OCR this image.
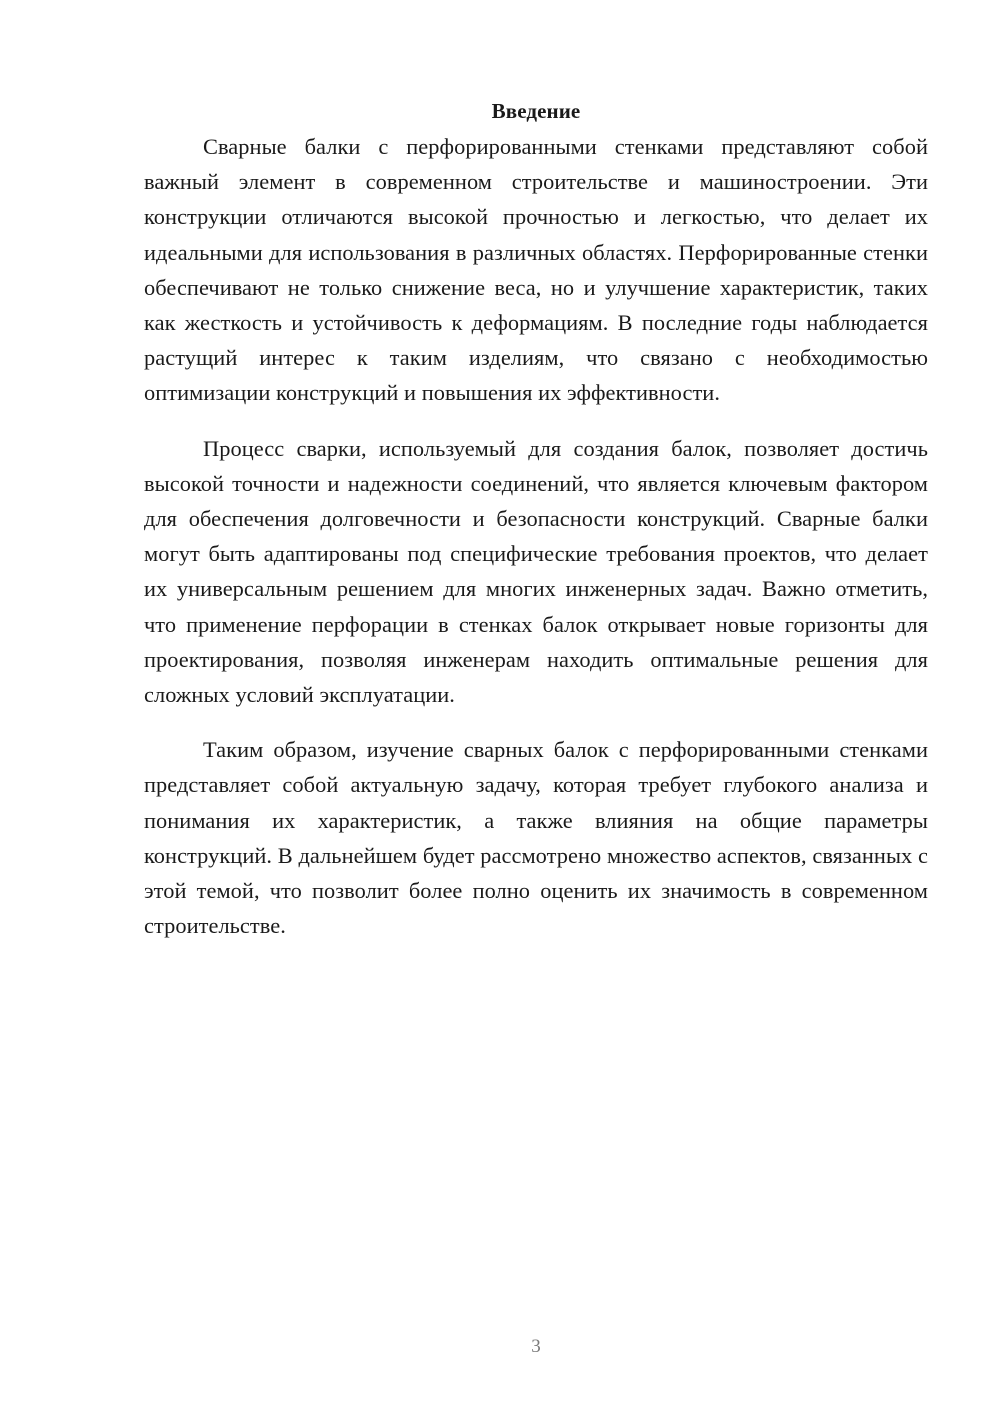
Введение

Сварные балки с перфорированными стенками представляют собой важный элемент в современном строительстве и машиностроении. Эти конструкции отличаются высокой прочностью и легкостью, что делает их идеальными для использования в различных областях. Перфорированные стенки обеспечивают не только снижение веса, но и улучшение характеристик, таких как жесткость и устойчивость к деформациям. В последние годы наблюдается растущий интерес к таким изделиям, что связано с необходимостью оптимизации конструкций и повышения их эффективности.

Процесс сварки, используемый для создания балок, позволяет достичь высокой точности и надежности соединений, что является ключевым фактором для обеспечения долговечности и безопасности конструкций. Сварные балки могут быть адаптированы под специфические требования проектов, что делает их универсальным решением для многих инженерных задач. Важно отметить, что применение перфорации в стенках балок открывает новые горизонты для проектирования, позволяя инженерам находить оптимальные решения для сложных условий эксплуатации.

Таким образом, изучение сварных балок с перфорированными стенками представляет собой актуальную задачу, которая требует глубокого анализа и понимания их характеристик, а также влияния на общие параметры конструкций. В дальнейшем будет рассмотрено множество аспектов, связанных с этой темой, что позволит более полно оценить их значимость в современном строительстве.

3
